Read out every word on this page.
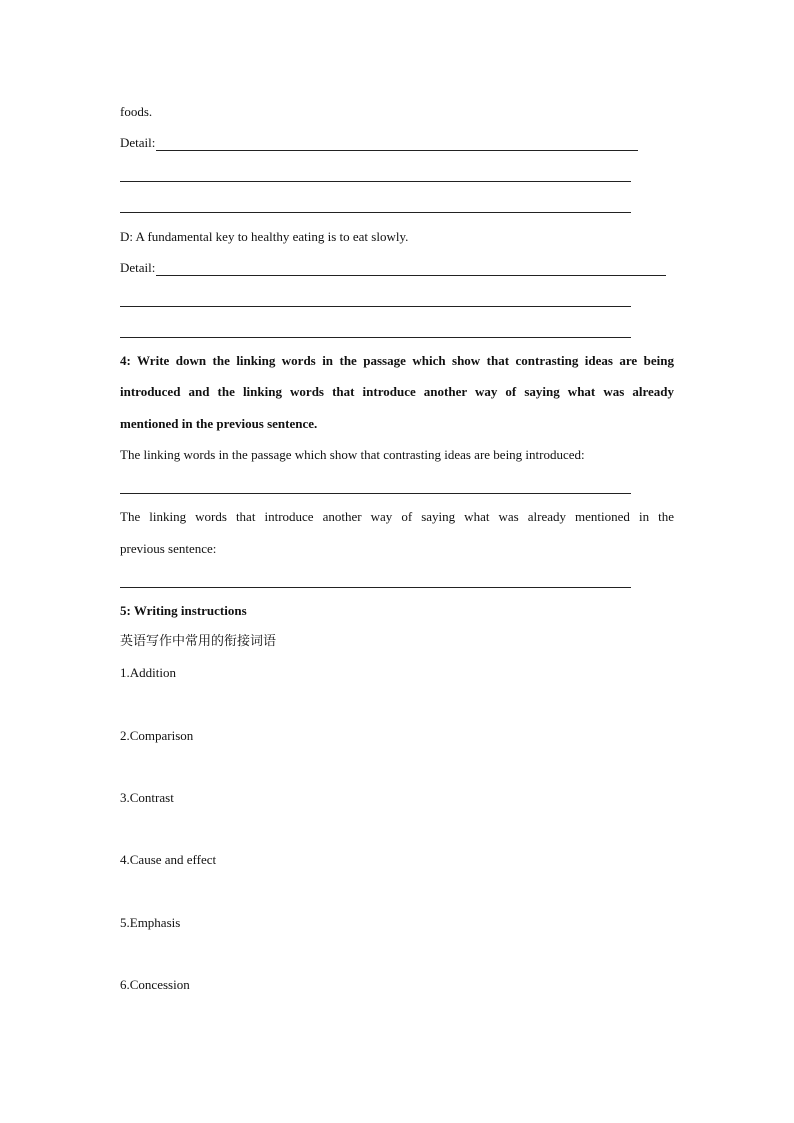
foods.
Detail:
D: A fundamental key to healthy eating is to eat slowly.
Detail:
4: Write down the linking words in the passage which show that contrasting ideas are being
introduced and the linking words that introduce another way of saying what was already
mentioned in the previous sentence.
The linking words in the passage which show that contrasting ideas are being introduced:
The linking words that introduce another way of saying what was already mentioned in the
previous sentence:
5: Writing instructions
英语写作中常用的衔接词语
1.Addition
2.Comparison
3.Contrast
4.Cause and effect
5.Emphasis
6.Concession
